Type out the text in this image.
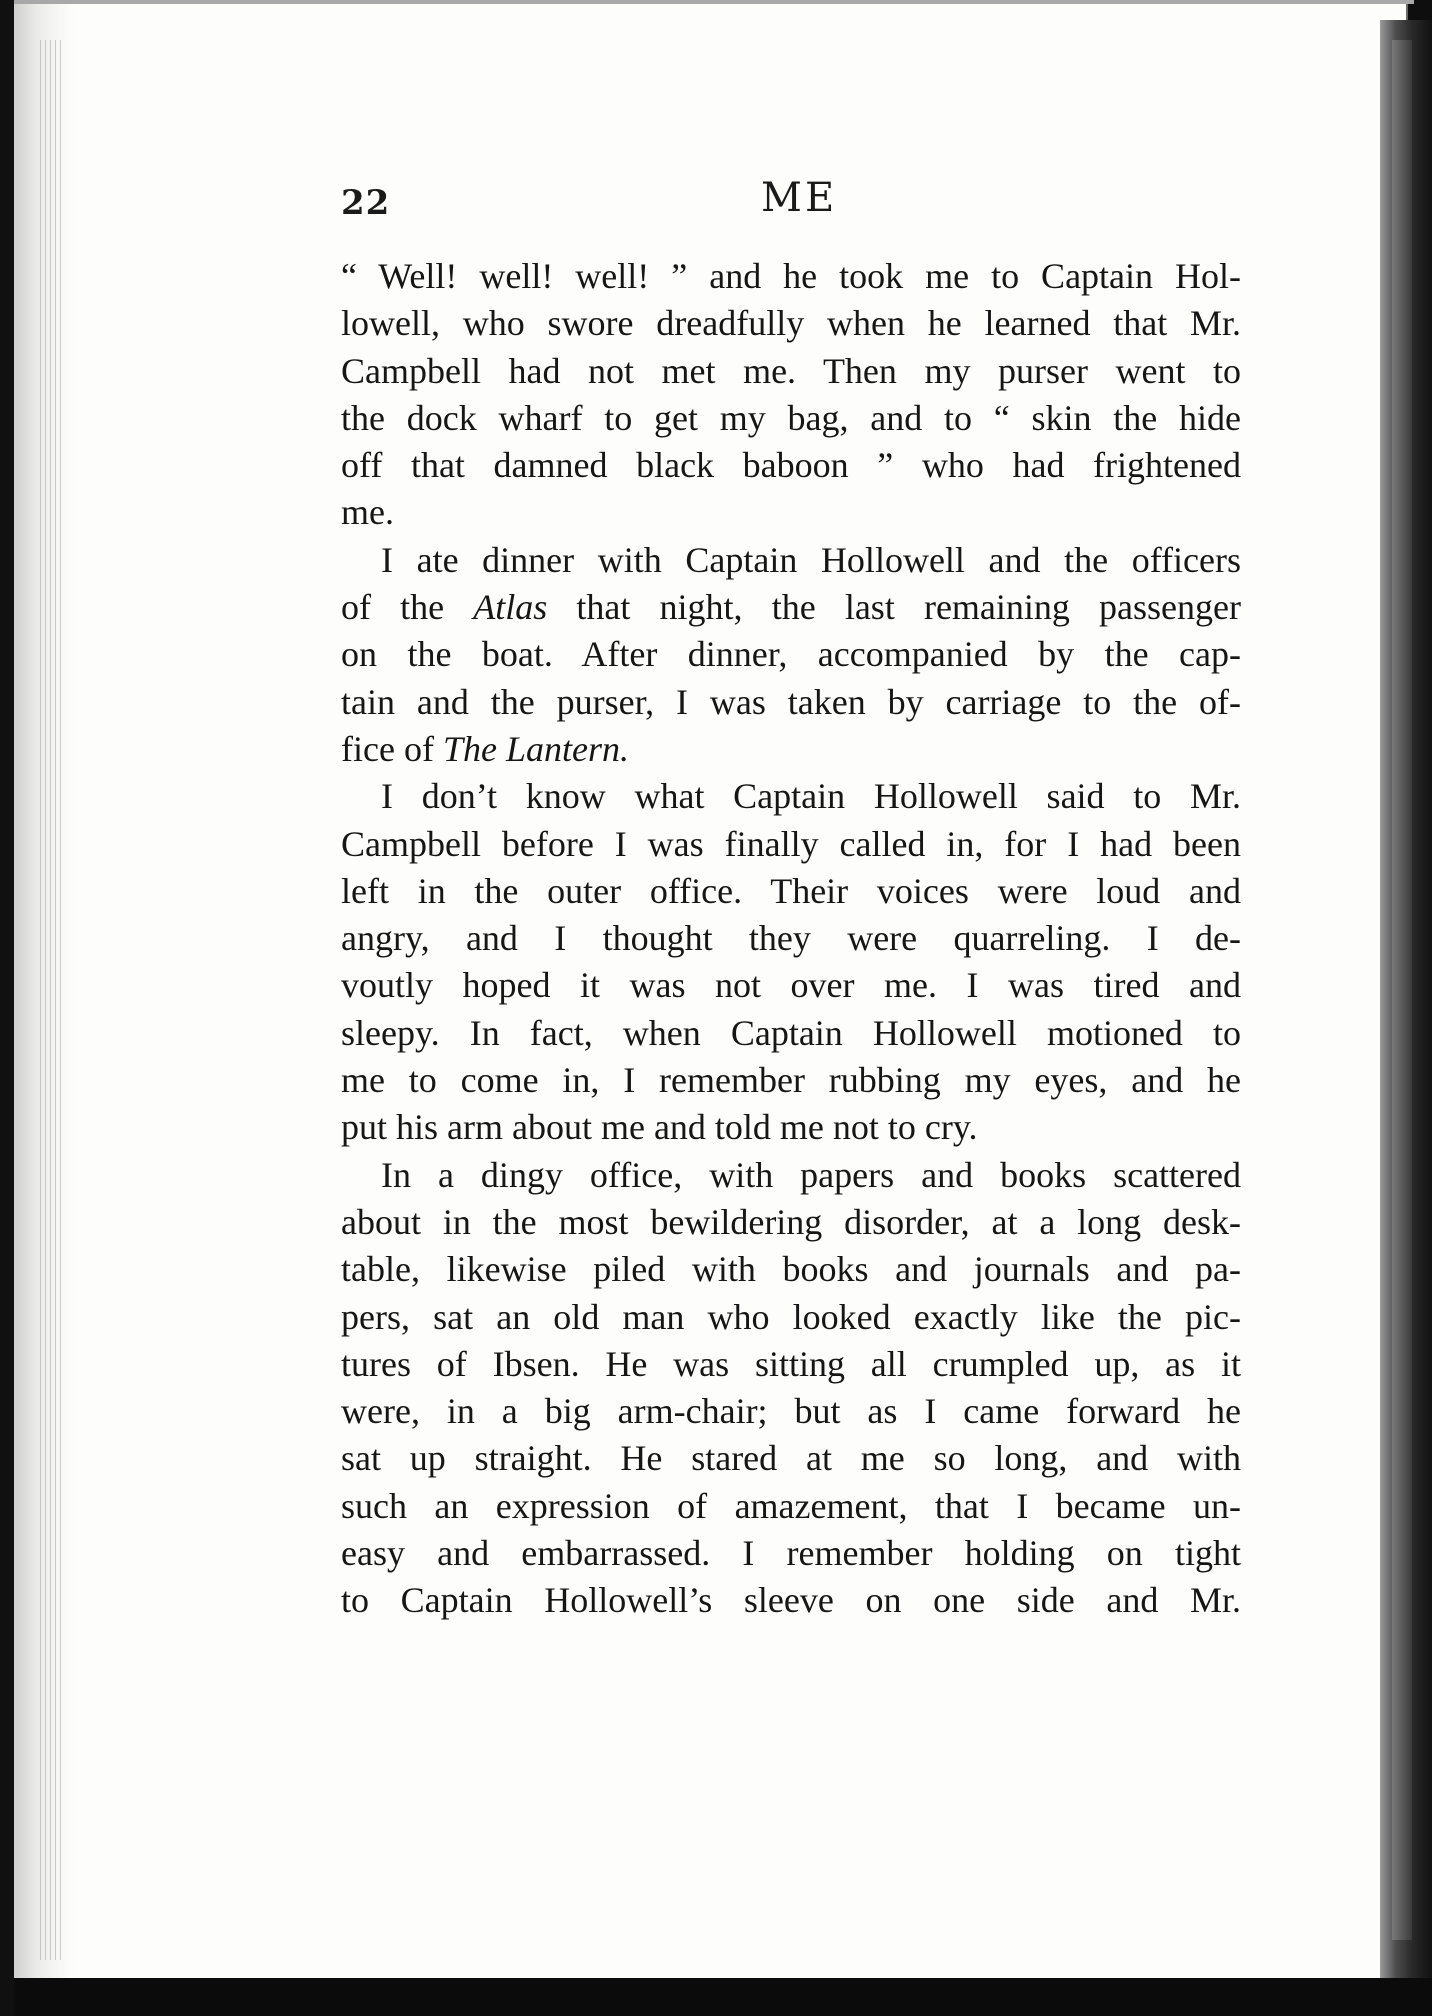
22	ME
“ Well! well! well! ” and he took me to Captain Hol-
lowell, who swore dreadfully when he learned that Mr.
Campbell had not met me. Then my purser went to
the dock wharf to get my bag, and to “ skin the hide
off that damned black baboon ” who had frightened
me.
I ate dinner with Captain Hollowell and the officers
of the Atlas that night, the last remaining passenger
on the boat. After dinner, accompanied by the cap-
tain and the purser, I was taken by carriage to the of-
fice of The Lantern.
I don’t know what Captain Hollowell said to Mr.
Campbell before I was finally called in, for I had been
left in the outer office. Their voices were loud and
angry, and I thought they were quarreling. I de-
voutly hoped it was not over me. I was tired and
sleepy. In fact, when Captain Hollowell motioned to
me to come in, I remember rubbing my eyes, and he
put his arm about me and told me not to cry.
In a dingy office, with papers and books scattered
about in the most bewildering disorder, at a long desk-
table, likewise piled with books and journals and pa-
pers, sat an old man who looked exactly like the pic-
tures of Ibsen. He was sitting all crumpled up, as it
were, in a big arm-chair; but as I came forward he
sat up straight. He stared at me so long, and with
such an expression of amazement, that I became un-
easy and embarrassed. I remember holding on tight
to Captain Hollowell’s sleeve on one side and Mr.
